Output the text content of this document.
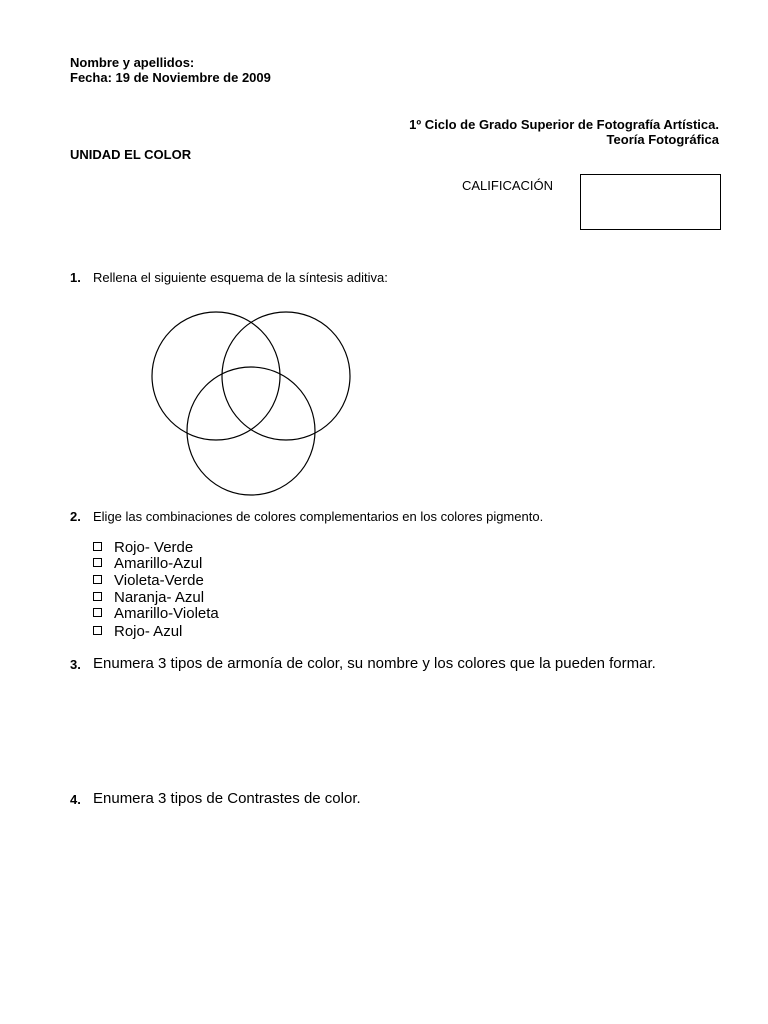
Nombre y apellidos:
Fecha: 19 de Noviembre de 2009
1º Ciclo de Grado Superior de Fotografía Artística.
Teoría Fotográfica
UNIDAD EL COLOR
CALIFICACIÓN
1. Rellena el siguiente esquema de la síntesis aditiva:
2. Elige las combinaciones de colores complementarios en los colores pigmento.
Rojo- Verde
Amarillo-Azul
Violeta-Verde
Naranja- Azul
Amarillo-Violeta
Rojo- Azul
3. Enumera 3 tipos de armonía de color, su nombre y los colores que la pueden formar.
4. Enumera 3 tipos de Contrastes de color.
